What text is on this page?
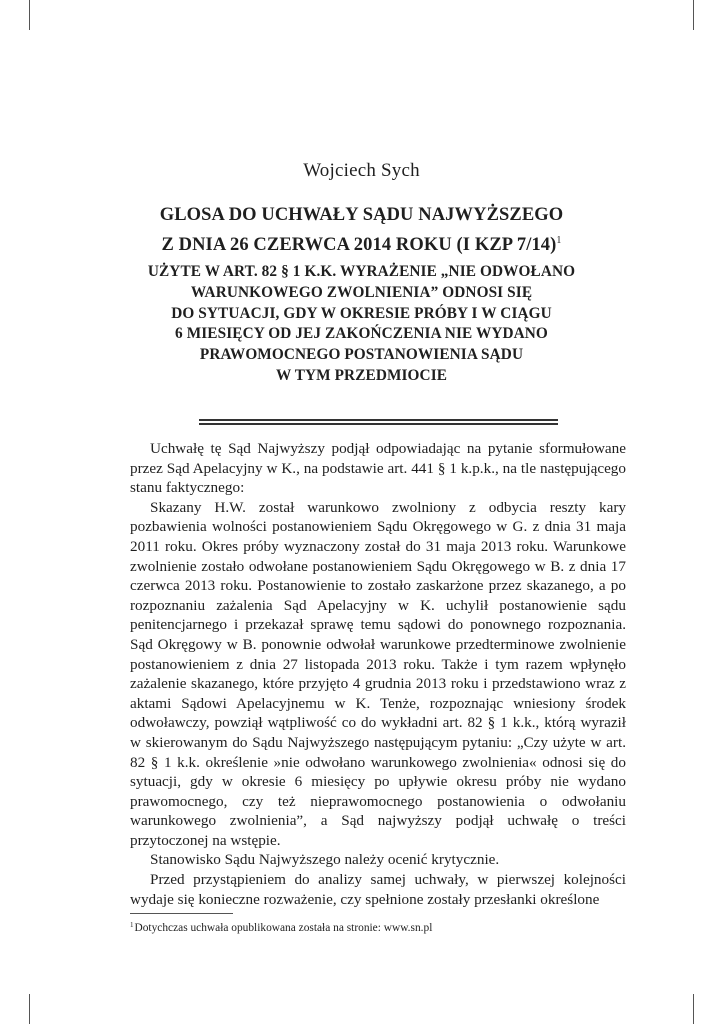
Wojciech Sych
GLOSA DO UCHWAŁY SĄDU NAJWYŻSZEGO
Z DNIA 26 CZERWCA 2014 ROKU (I KZP 7/14)$^1$
UŻYTE W ART. 82 § 1 K.K. WYRAŻENIE „NIE ODWOŁANO
WARUNKOWEGO ZWOLNIENIA” ODNOSI SIĘ
DO SYTUACJI, GDY W OKRESIE PRÓBY I W CIĄGU
6 MIESIĘCY OD JEJ ZAKOŃCZENIA NIE WYDANO
PRAWOMOCNEGO POSTANOWIENIA SĄDU
W TYM PRZEDMIOCIE

Uchwałę tę Sąd Najwyższy podjął odpowiadając na pytanie sformułowane przez Sąd Apelacyjny w K., na podstawie art. 441 § 1 k.p.k., na tle następującego stanu faktycznego:

Skazany H.W. został warunkowo zwolniony z odbycia reszty kary pozbawienia wolności postanowieniem Sądu Okręgowego w G. z dnia 31 maja 2011 roku. Okres próby wyznaczony został do 31 maja 2013 roku. Warunkowe zwolnienie zostało odwołane postanowieniem Sądu Okręgowego w B. z dnia 17 czerwca 2013 roku. Postanowienie to zostało zaskarżone przez skazanego, a po rozpoznaniu zażalenia Sąd Apelacyjny w K. uchylił postanowienie sądu penitencjarnego i przekazał sprawę temu sądowi do ponownego rozpoznania. Sąd Okręgowy w B. ponownie odwołał warunkowe przedterminowe zwolnienie postanowieniem z dnia 27 listopada 2013 roku. Także i tym razem wpłynęło zażalenie skazanego, które przyjęto 4 grudnia 2013 roku i przedstawiono wraz z aktami Sądowi Apelacyjnemu w K. Tenże, rozpoznając wniesiony środek odwoławczy, powziął wątpliwość co do wykładni art. 82 § 1 k.k., którą wyraził w skierowanym do Sądu Najwyższego następującym pytaniu: „Czy użyte w art. 82 § 1 k.k. określenie »nie odwołano warunkowego zwolnienia« odnosi się do sytuacji, gdy w okresie 6 miesięcy po upływie okresu próby nie wydano prawomocnego, czy też nieprawomocnego postanowienia o odwołaniu warunkowego zwolnienia”, a Sąd najwyższy podjął uchwałę o treści przytoczonej na wstępie.

Stanowisko Sądu Najwyższego należy ocenić krytycznie.

Przed przystąpieniem do analizy samej uchwały, w pierwszej kolejności wydaje się konieczne rozważenie, czy spełnione zostały przesłanki określone

$^1$Dotychczas uchwała opublikowana została na stronie: www.sn.pl
